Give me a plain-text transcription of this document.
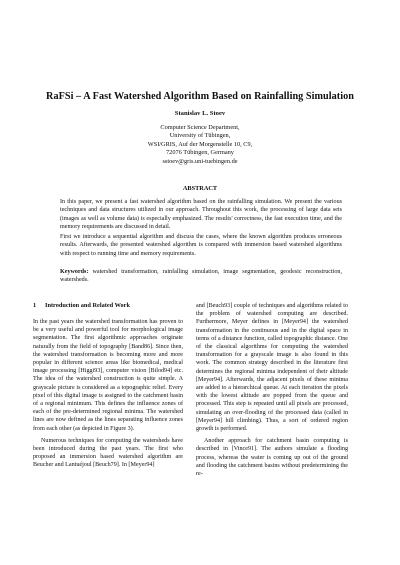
RaFSi – A Fast Watershed Algorithm Based on Rainfalling Simulation
Stanislav L. Stoev
Computer Science Department,
University of Tübingen,
WSI/GRIS, Auf der Morgenstelle 10, C9,
72076 Tübingen, Germany
sstoev@gris.uni-tuebingen.de
ABSTRACT

In this paper, we present a fast watershed algorithm based on the rainfalling simulation. We present the various techniques and data structures utilized in our approach. Throughout this work, the processing of large data sets (images as well as volume data) is especially emphasized. The results' correctness, the fast execution time, and the memory requirements are discussed in detail.

First we introduce a sequential algorithm and discuss the cases, where the known algorithm produces erroneous results. Afterwards, the presented watershed algorithm is compared with immersion based watershed algorithms with respect to running time and memory requirements.

Keywords: watershed transformation, rainfalling simulation, image segmentation, geodesic reconstruction, watersheds.
1 Introduction and Related Work

In the past years the watershed transformation has proven to be a very useful and powerful tool for morphological image segmentation. The first algorithmic approaches originate naturally from the field of topography [Band86]. Since then, the watershed transformation is becoming more and more popular in different science areas like biomedical, medical image processing [Higgi93], computer vision [Bilod94] etc. The idea of the watershed construction is quite simple. A grayscale picture is considered as a topographic relief. Every pixel of this digital image is assigned to the catchment basin of a regional minimum. This defines the influence zones of each of the pre-determined regional minima. The watershed lines are now defined as the lines separating influence zones from each other (as depicted in Figure 3).

Numerous techniques for computing the watersheds have been introduced during the past years. The first who proposed an immersion based watershed algorithm are Beucher and Lantuéjoul [Beuch79]. In [Meyer94]

and [Beuch93] couple of techniques and algorithms related to the problem of watershed computing are described. Furthermore, Meyer defines in [Meyer94] the watershed transformation in the continuous and in the digital space in terms of a distance function, called topographic distance. One of the classical algorithms for computing the watershed transformation for a grayscale image is also found in this work. The common strategy described in the literature first determines the regional minima independent of their altitude [Meyer94]. Afterwards, the adjacent pixels of these minima are added to a hierarchical queue. At each iteration the pixels with the lowest altitude are popped from the queue and processed. This step is repeated until all pixels are processed, simulating an over-flooding of the processed data (called in [Meyer94] hill climbing). Thus, a sort of ordered region growth is performed.

Another approach for catchment basin computing is described in [Vince91]. The authors simulate a flooding process, whereas the water is coming up out of the ground and flooding the catchment basins without predetermining the re-
